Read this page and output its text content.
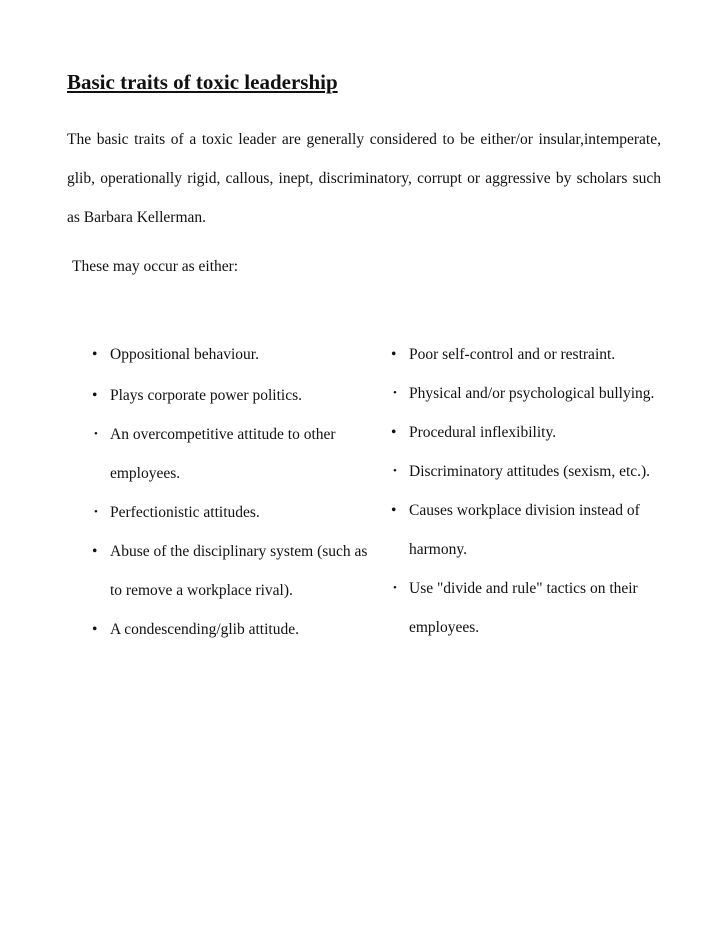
Basic traits of toxic leadership

The basic traits of a toxic leader are generally considered to be either/or insular,intemperate, glib, operationally rigid, callous, inept, discriminatory, corrupt or aggressive by scholars such as Barbara Kellerman.

These may occur as either:

• Oppositional behaviour.
• Plays corporate power politics.
• An overcompetitive attitude to other employees.
• Perfectionistic attitudes.
• Abuse of the disciplinary system (such as to remove a workplace rival).
• A condescending/glib attitude.
• Poor self-control and or restraint.
• Physical and/or psychological bullying.
• Procedural inflexibility.
• Discriminatory attitudes (sexism, etc.).
• Causes workplace division instead of harmony.
• Use "divide and rule" tactics on their employees.
